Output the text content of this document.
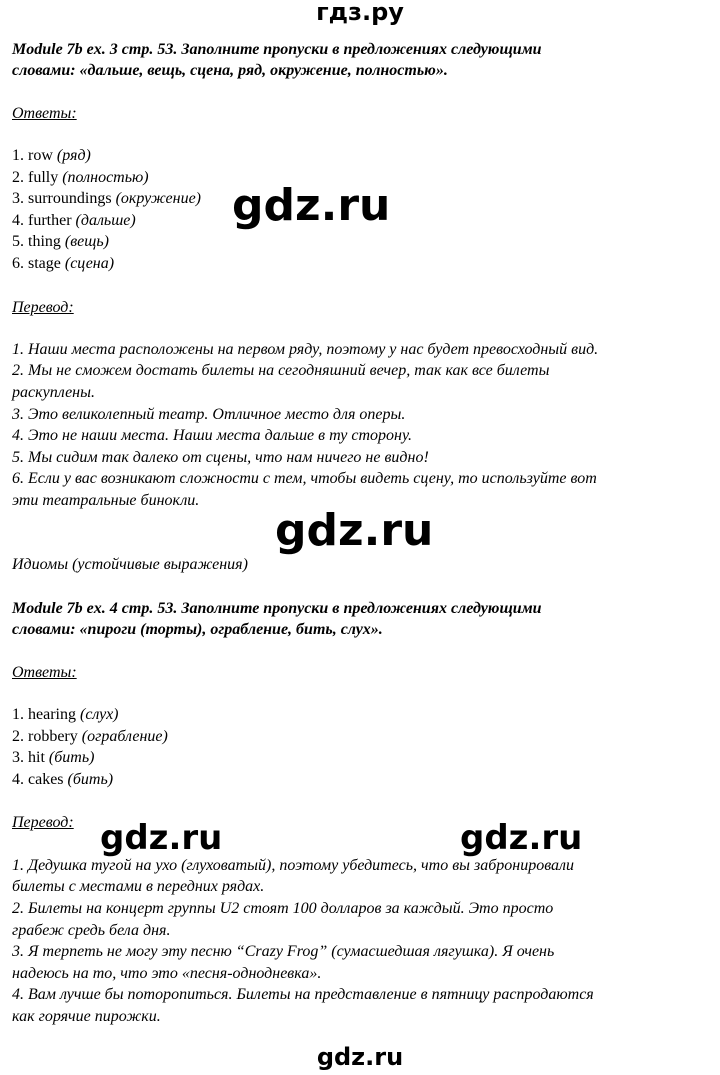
гдз.ру
Module 7b ex. 3 стр. 53. Заполните пропуски в предложениях следующими
словами: «дальше, вещь, сцена, ряд, окружение, полностью».
Ответы:
1. row (ряд)
2. fully (полностью)
3. surroundings (окружение)
4. further (дальше)
5. thing (вещь)
6. stage (сцена)
gdz.ru
Перевод:
1. Наши места расположены на первом ряду, поэтому у нас будет превосходный вид.
2. Мы не сможем достать билеты на сегодняшний вечер, так как все билеты
раскуплены.
3. Это великолепный театр. Отличное место для оперы.
4. Это не наши места. Наши места дальше в ту сторону.
5. Мы сидим так далеко от сцены, что нам ничего не видно!
6. Если у вас возникают сложности с тем, чтобы видеть сцену, то используйте вот
эти театральные бинокли.
gdz.ru
Идиомы (устойчивые выражения)
Module 7b ex. 4 стр. 53. Заполните пропуски в предложениях следующими
словами: «пироги (торты), ограбление, бить, слух».
Ответы:
1. hearing (слух)
2. robbery (ограбление)
3. hit (бить)
4. cakes (бить)
Перевод: gdz.ru	gdz.ru
1. Дедушка тугой на ухо (глуховатый), поэтому убедитесь, что вы забронировали
билеты с местами в передних рядах.
2. Билеты на концерт группы U2 стоят 100 долларов за каждый. Это просто
грабеж средь бела дня.
3. Я терпеть не могу эту песню “Crazy Frog” (сумасшедшая лягушка). Я очень
надеюсь на то, что это «песня-однодневка».
4. Вам лучше бы поторопиться. Билеты на представление в пятницу распродаются
как горячие пирожки.
gdz.ru
